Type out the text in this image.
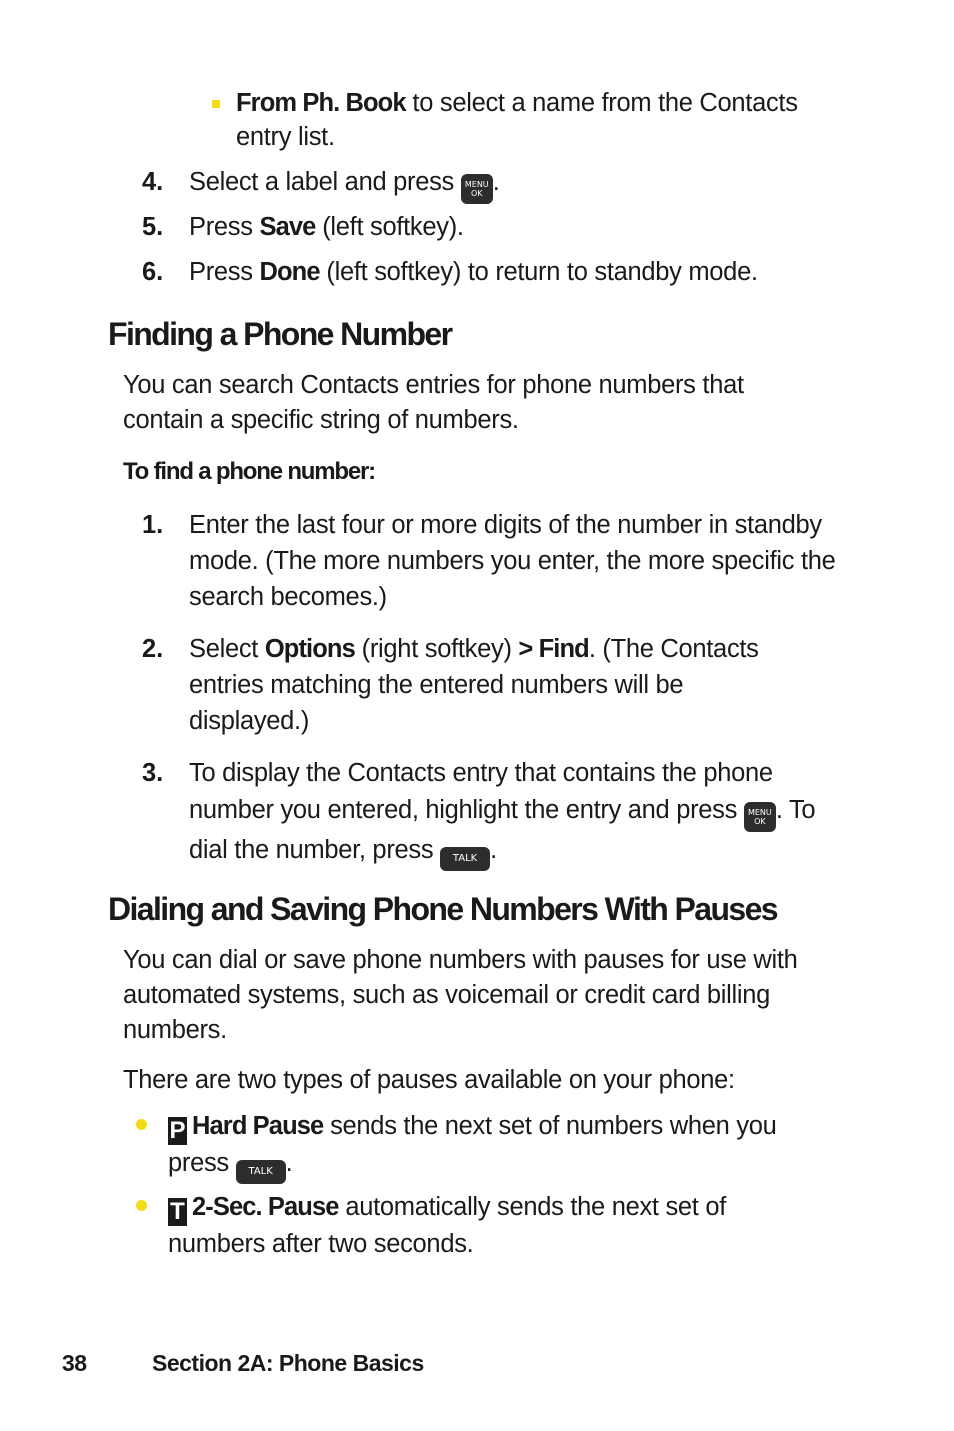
From Ph. Book to select a name from the Contacts entry list.
4. Select a label and press MENU
OK .
5. Press Save (left softkey).
6. Press Done (left softkey) to return to standby mode.
Finding a Phone Number
You can search Contacts entries for phone numbers that contain a specific string of numbers.
To find a phone number:
1. Enter the last four or more digits of the number in standby mode. (The more numbers you enter, the more specific the search becomes.)
2. Select Options (right softkey) > Find. (The Contacts entries matching the entered numbers will be displayed.)
3. To display the Contacts entry that contains the phone number you entered, highlight the entry and press MENU
OK . To dial the number, press TALK .
Dialing and Saving Phone Numbers With Pauses
You can dial or save phone numbers with pauses for use with automated systems, such as voicemail or credit card billing numbers.
There are two types of pauses available on your phone:
P Hard Pause sends the next set of numbers when you press TALK .
T 2-Sec. Pause automatically sends the next set of numbers after two seconds.
38	Section 2A: Phone Basics
